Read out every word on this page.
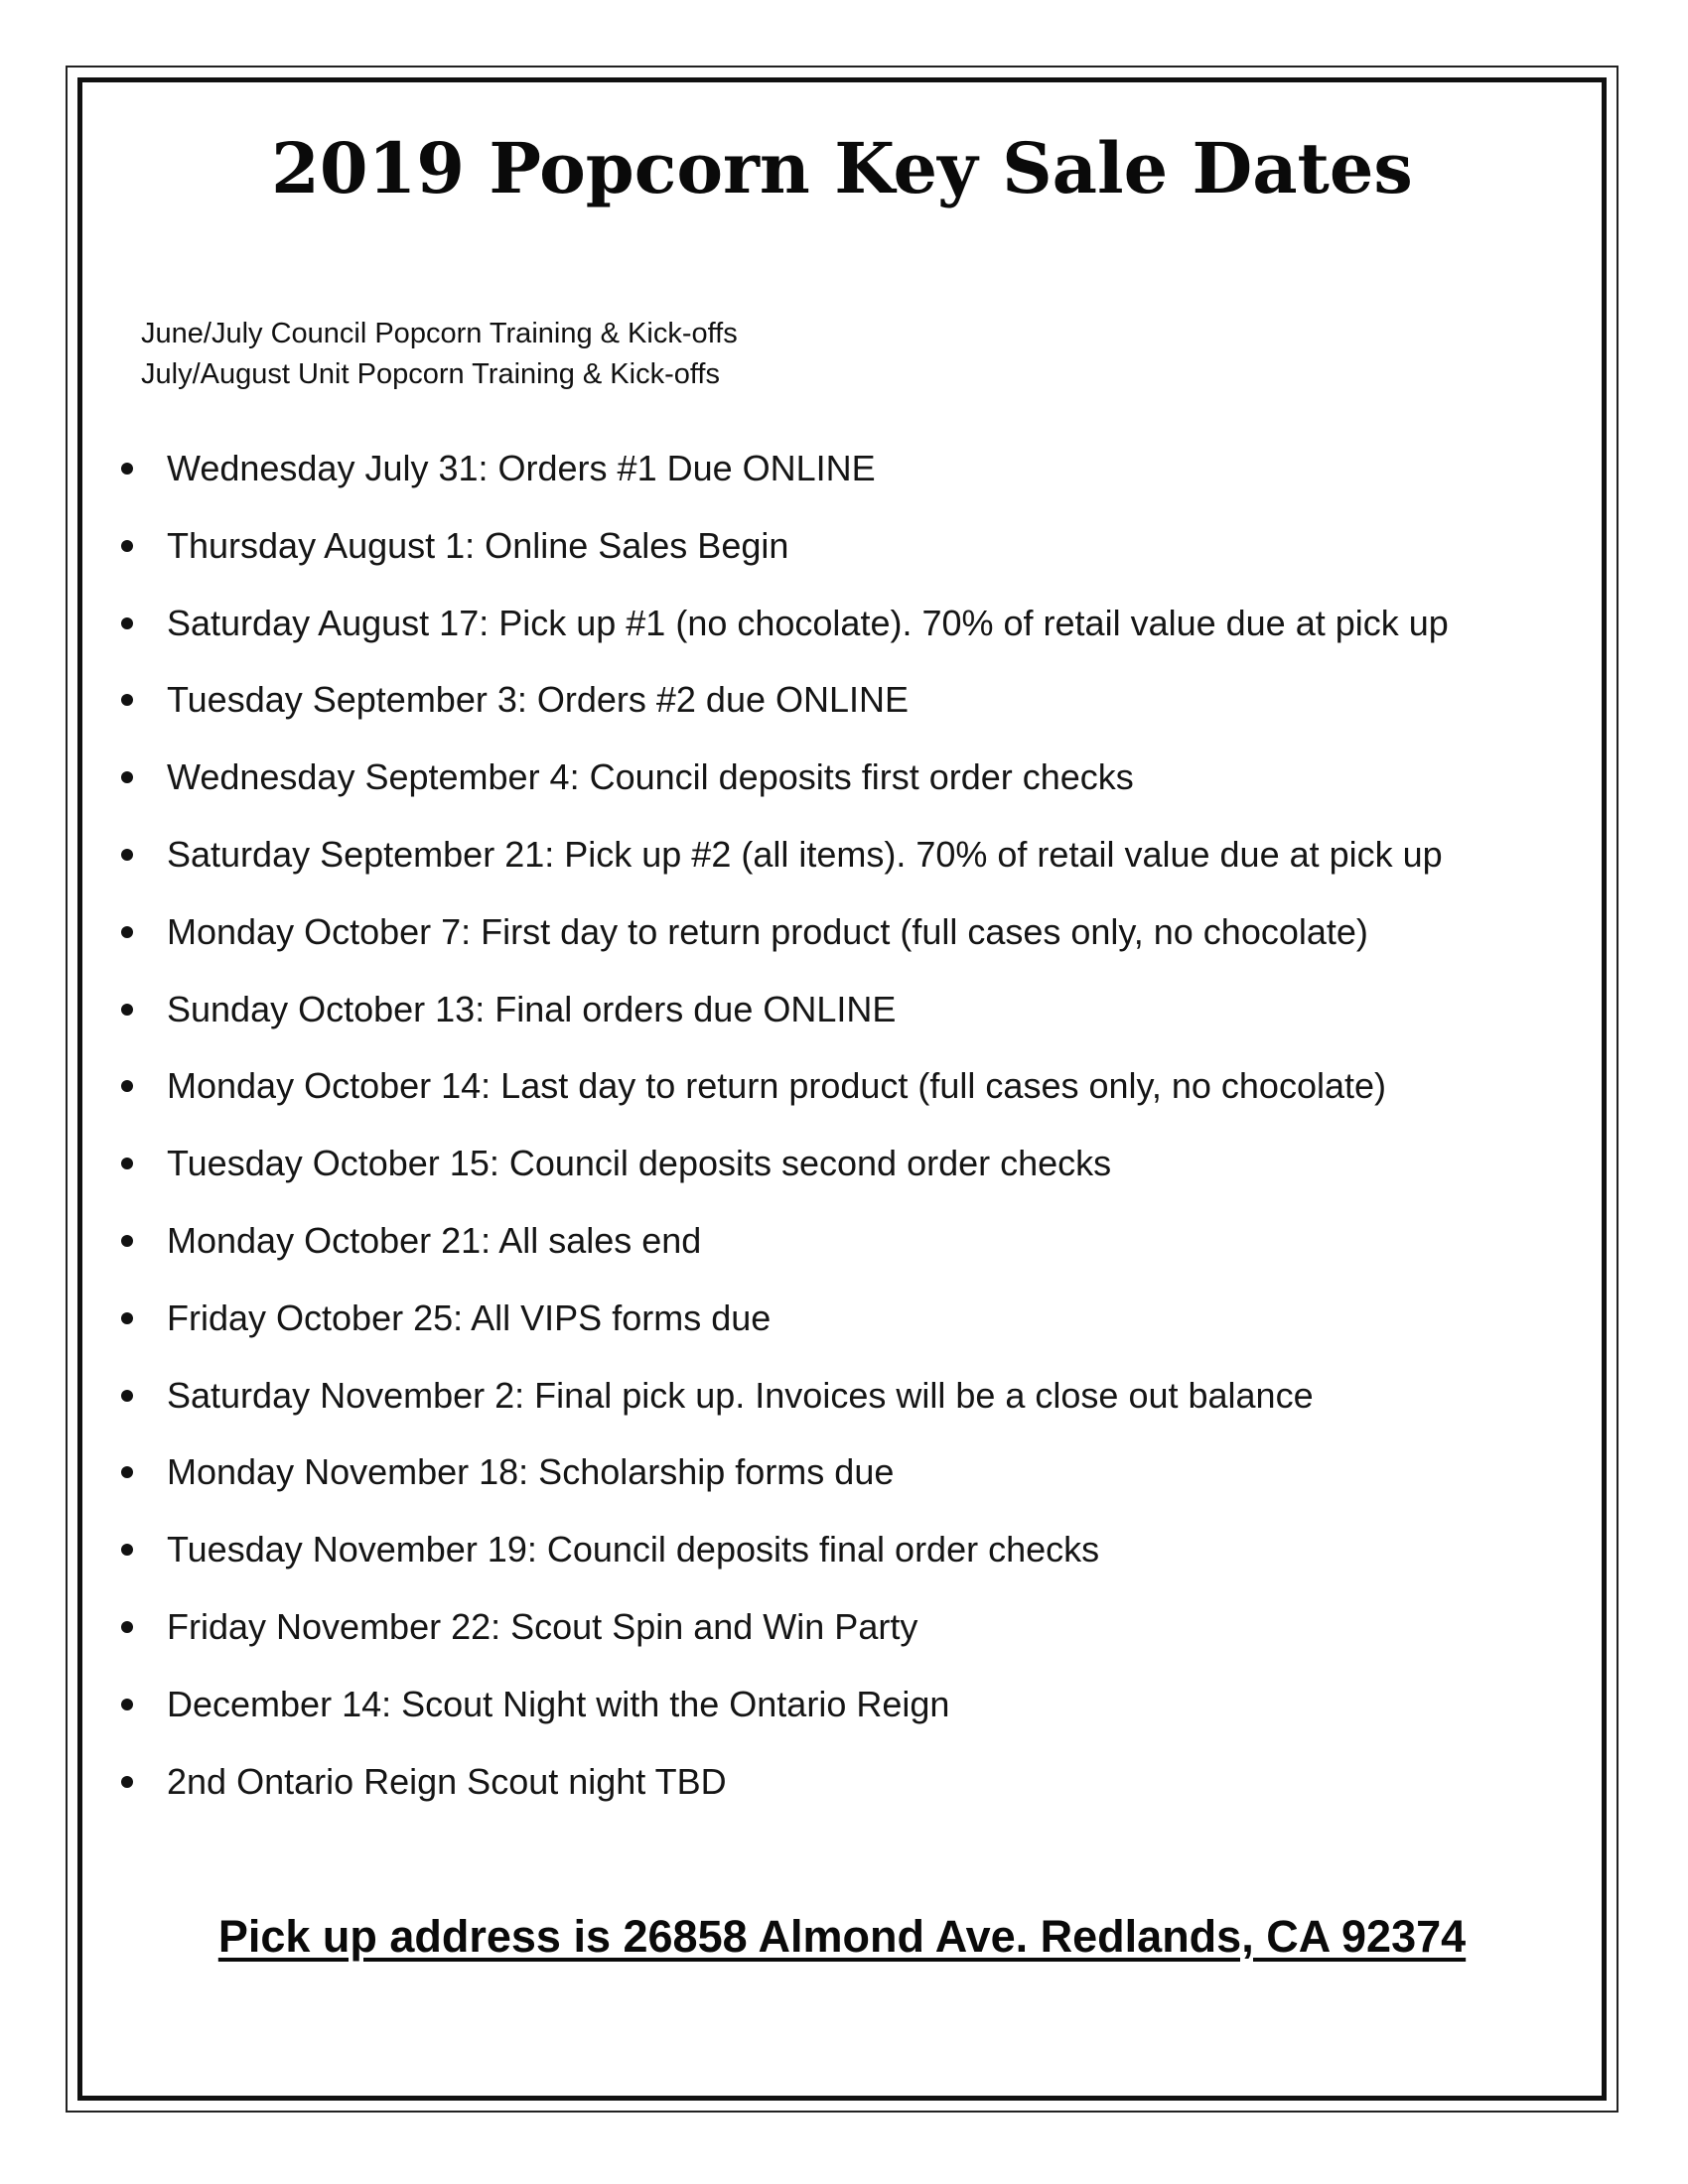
2019 Popcorn Key Sale Dates
June/July Council Popcorn Training & Kick-offs
July/August Unit Popcorn Training & Kick-offs
Wednesday July 31: Orders #1 Due ONLINE
Thursday August 1: Online Sales Begin
Saturday August 17: Pick up #1 (no chocolate). 70% of retail value due at pick up
Tuesday September 3: Orders #2 due ONLINE
Wednesday September 4: Council deposits first order checks
Saturday September 21: Pick up #2 (all items). 70% of retail value due at pick up
Monday October 7: First day to return product (full cases only, no chocolate)
Sunday October 13: Final orders due ONLINE
Monday October 14: Last day to return product (full cases only, no chocolate)
Tuesday October 15: Council deposits second order checks
Monday October 21: All sales end
Friday October 25: All VIPS forms due
Saturday November 2: Final pick up. Invoices will be a close out balance
Monday November 18: Scholarship forms due
Tuesday November 19: Council deposits final order checks
Friday November 22: Scout Spin and Win Party
December 14: Scout Night with the Ontario Reign
2nd Ontario Reign Scout night TBD
Pick up address is 26858 Almond Ave. Redlands, CA 92374
